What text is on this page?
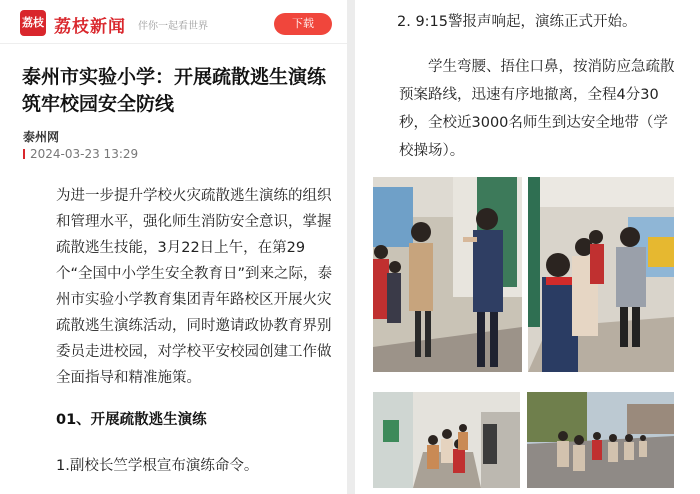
荔枝 荔枝新闻 伴你一起看世界	下载
泰州市实验小学：开展疏散逃生演练 筑牢校园安全防线
泰州网
2024-03-23 13:29
为进一步提升学校火灾疏散逃生演练的组织和管理水平，强化师生消防安全意识，掌握疏散逃生技能，3月22日上午，在第29个“全国中小学生安全教育日”到来之际，泰州市实验小学教育集团青年路校区开展火灾疏散逃生演练活动，同时邀请政协教育界别委员走进校园，对学校平安校园创建工作做全面指导和精准施策。
01、开展疏散逃生演练
1.副校长竺学根宣布演练命令。
2. 9:15警报声响起，演练正式开始。
学生弯腰、捂住口鼻，按消防应急疏散预案路线，迅速有序地撤离，全程4分30秒，全校近3000名师生到达安全地带（学校操场）。
